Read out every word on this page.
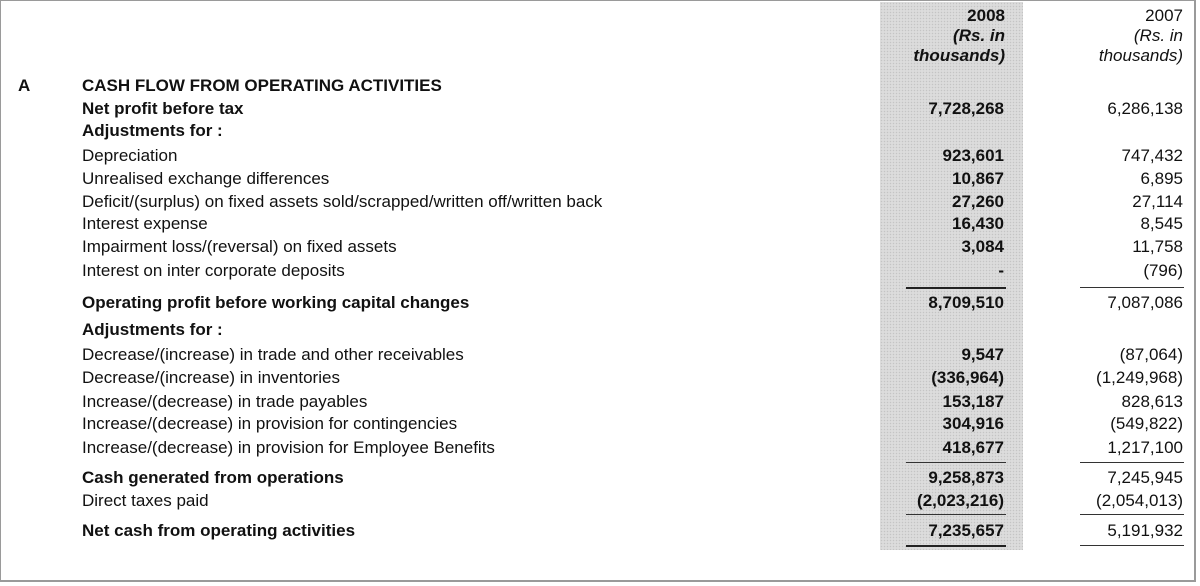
2008
(Rs. in
thousands)
2007
(Rs. in
thousands)
A	CASH FLOW FROM OPERATING ACTIVITIES
Net profit before tax	7,728,268	6,286,138
Adjustments for :
Depreciation	923,601	747,432
Unrealised exchange differences	10,867	6,895
Deficit/(surplus) on fixed assets sold/scrapped/written off/written back	27,260	27,114
Interest expense	16,430	8,545
Impairment loss/(reversal) on fixed assets	3,084	11,758
Interest on inter corporate deposits	-	(796)
Operating profit before working capital changes	8,709,510	7,087,086
Adjustments for :
Decrease/(increase) in trade and other receivables	9,547	(87,064)
Decrease/(increase) in inventories	(336,964)	(1,249,968)
Increase/(decrease) in trade payables	153,187	828,613
Increase/(decrease) in provision for contingencies	304,916	(549,822)
Increase/(decrease) in provision for Employee Benefits	418,677	1,217,100
Cash generated from operations	9,258,873	7,245,945
Direct taxes paid	(2,023,216)	(2,054,013)
Net cash from operating activities	7,235,657	5,191,932
